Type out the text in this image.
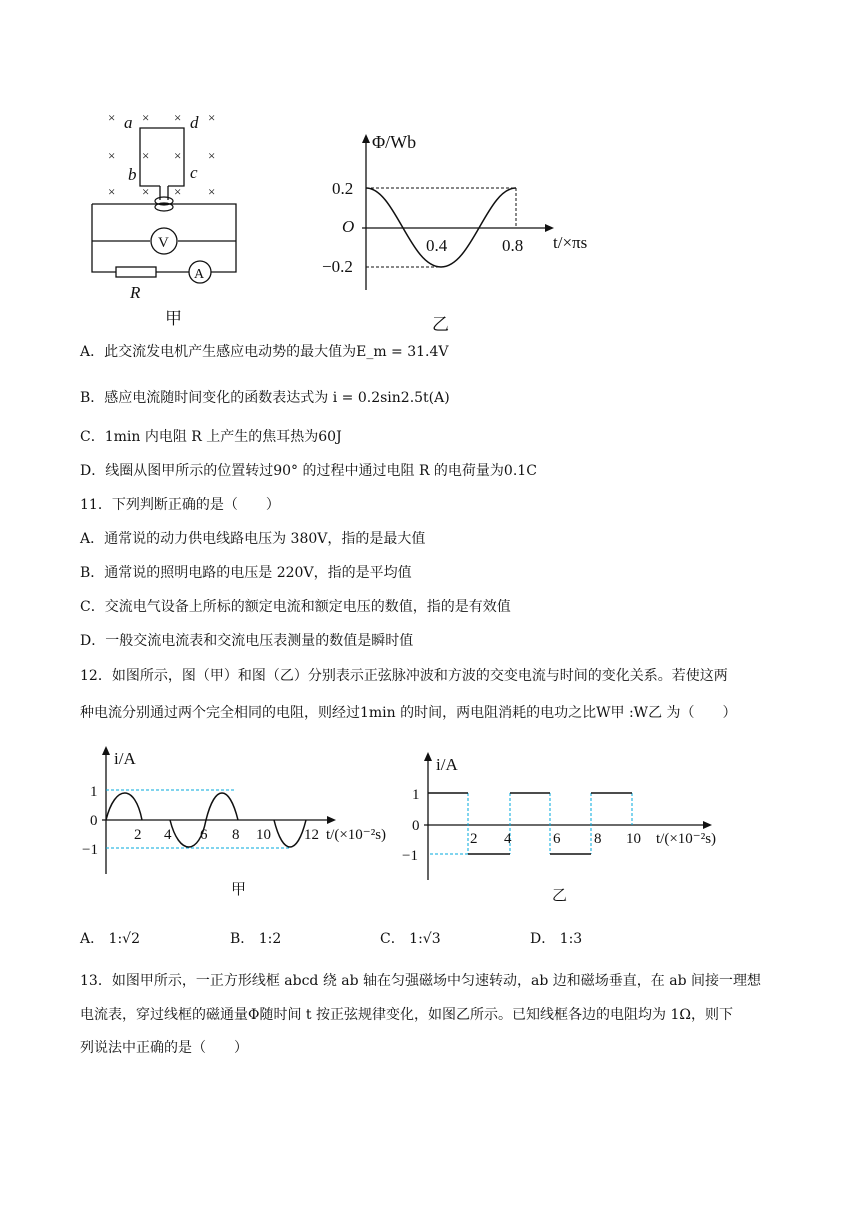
× × × ×
× × × ×
× × × ×
a	d
b	c
V
A
R
甲
Φ/Wb
0.2
O
−0.2
0.4	0.8 t/×πs
乙
A．此交流发电机产生感应电动势的最大值为E_m = 31.4V
B．感应电流随时间变化的函数表达式为 i = 0.2sin2.5t(A)
C．1min 内电阻 R 上产生的焦耳热为60J
D．线圈从图甲所示的位置转过90° 的过程中通过电阻 R 的电荷量为0.1C
11．下列判断正确的是（　　）
A．通常说的动力供电线路电压为 380V，指的是最大值
B．通常说的照明电路的电压是 220V，指的是平均值
C．交流电气设备上所标的额定电流和额定电压的数值，指的是有效值
D．一般交流电流表和交流电压表测量的数值是瞬时值
12．如图所示，图（甲）和图（乙）分别表示正弦脉冲波和方波的交变电流与时间的变化关系。若使这两
种电流分别通过两个完全相同的电阻，则经过1min 的时间，两电阻消耗的电功之比W甲 :W乙 为（　　）
i/A
1
0
−1
2 4 6 8 10 12 t/(×10⁻²s)
甲
i/A
1
0
−1
2 4	6 8 10 t/(×10⁻²s)
乙
A． 1:√2	B． 1:2	C． 1:√3	D． 1:3
13．如图甲所示，一正方形线框 abcd 绕 ab 轴在匀强磁场中匀速转动，ab 边和磁场垂直，在 ab 间接一理想
电流表，穿过线框的磁通量Φ随时间 t 按正弦规律变化，如图乙所示。已知线框各边的电阻均为 1Ω，则下
列说法中正确的是（　　）
